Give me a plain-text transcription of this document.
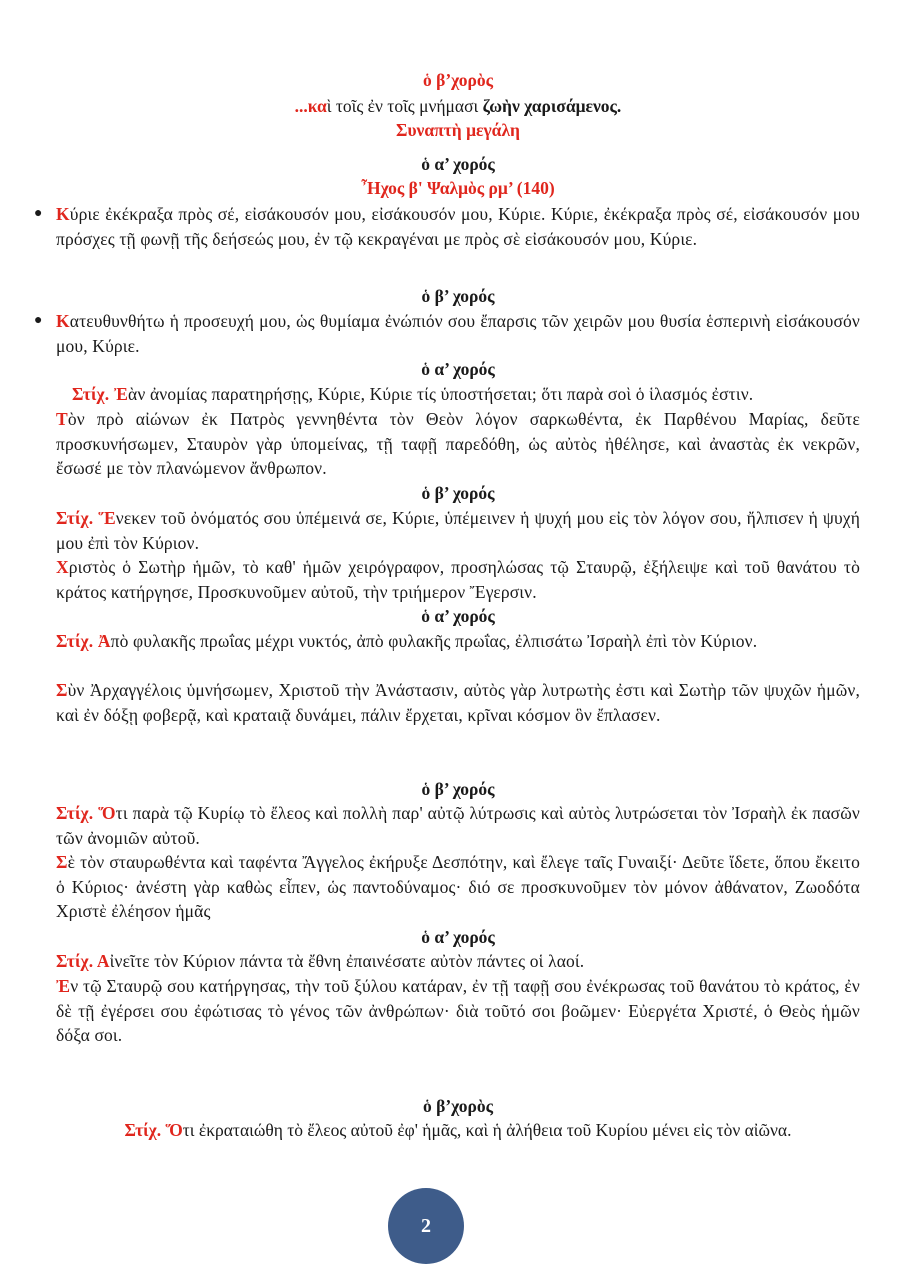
ὁ β’χορὸς
...καὶ τοῖς ἐν τοῖς μνήμασι ζωὴν χαρισάμενος.
Συναπτὴ μεγάλη
ὁ α’ χορός
Ἦχος β' Ψαλμὸς ρμ’ (140)
● Κύριε ἐκέκραξα πρὸς σέ, εἰσάκουσόν μου, εἰσάκουσόν μου, Κύριε. Κύριε, ἐκέκραξα πρὸς σέ, εἰσάκουσόν μου πρόσχες τῇ φωνῇ τῆς δεήσεώς μου, ἐν τῷ κεκραγέναι με πρὸς σὲ εἰσάκουσόν μου, Κύριε.
ὁ β’ χορός
● Κατευθυνθήτω ἡ προσευχή μου, ὡς θυμίαμα ἐνώπιόν σου ἔπαρσις τῶν χειρῶν μου θυσία ἑσπερινὴ εἰσάκουσόν μου, Κύριε.
ὁ α’ χορός
Στίχ. Ἐὰν ἀνομίας παρατηρήσῃς, Κύριε, Κύριε τίς ὑποστήσεται; ὅτι παρὰ σοὶ ὁ ἱλασμός ἐστιν.
Τὸν πρὸ αἰώνων ἐκ Πατρὸς γεννηθέντα τὸν Θεὸν λόγον σαρκωθέντα, ἐκ Παρθένου Μαρίας, δεῦτε προσκυνήσωμεν, Σταυρὸν γὰρ ὑπομείνας, τῇ ταφῇ παρεδόθη, ὡς αὐτὸς ἠθέλησε, καὶ ἀναστὰς ἐκ νεκρῶν, ἔσωσέ με τὸν πλανώμενον ἄνθρωπον.
ὁ β’ χορός
Στίχ. Ἕνεκεν τοῦ ὀνόματός σου ὑπέμεινά σε, Κύριε, ὑπέμεινεν ἡ ψυχή μου εἰς τὸν λόγον σου, ἤλπισεν ἡ ψυχή μου ἐπὶ τὸν Κύριον.
Χριστὸς ὁ Σωτὴρ ἡμῶν, τὸ καθ' ἡμῶν χειρόγραφον, προσηλώσας τῷ Σταυρῷ, ἐξήλειψε καὶ τοῦ θανάτου τὸ κράτος κατήργησε, Προσκυνοῦμεν αὐτοῦ, τὴν τριήμερον Ἔγερσιν.
ὁ α’ χορός
Στίχ. Ἀπὸ φυλακῆς πρωΐας μέχρι νυκτός, ἀπὸ φυλακῆς πρωΐας, ἐλπισάτω Ἰσραὴλ ἐπὶ τὸν Κύριον.
Σὺν Ἀρχαγγέλοις ὑμνήσωμεν, Χριστοῦ τὴν Ἀνάστασιν, αὐτὸς γὰρ λυτρωτὴς ἐστι καὶ Σωτὴρ τῶν ψυχῶν ἡμῶν, καὶ ἐν δόξῃ φοβερᾷ, καὶ κραταιᾷ δυνάμει, πάλιν ἔρχεται, κρῖναι κόσμον ὃν ἔπλασεν.
ὁ β’ χορός
Στίχ. Ὅτι παρὰ τῷ Κυρίῳ τὸ ἔλεος καὶ πολλὴ παρ' αὐτῷ λύτρωσις καὶ αὐτὸς λυτρώσεται τὸν Ἰσραὴλ ἐκ πασῶν τῶν ἀνομιῶν αὐτοῦ.
Σὲ τὸν σταυρωθέντα καὶ ταφέντα Ἄγγελος ἐκήρυξε Δεσπότην, καὶ ἔλεγε ταῖς Γυναιξί· Δεῦτε ἴδετε, ὅπου ἔκειτο ὁ Κύριος· ἀνέστη γὰρ καθὼς εἶπεν, ὡς παντοδύναμος· διό σε προσκυνοῦμεν τὸν μόνον ἀθάνατον, Ζωοδότα Χριστὲ ἐλέησον ἡμᾶς
ὁ α’ χορός
Στίχ. Αἰνεῖτε τὸν Κύριον πάντα τὰ ἔθνη ἐπαινέσατε αὐτὸν πάντες οἱ λαοί.
Ἐν τῷ Σταυρῷ σου κατήργησας, τὴν τοῦ ξύλου κατάραν, ἐν τῇ ταφῇ σου ἐνέκρωσας τοῦ θανάτου τὸ κράτος, ἐν δὲ τῇ ἐγέρσει σου ἐφώτισας τὸ γένος τῶν ἀνθρώπων· διὰ τοῦτό σοι βοῶμεν· Εὐεργέτα Χριστέ, ὁ Θεὸς ἡμῶν δόξα σοι.
ὁ β’χορὸς
Στίχ. Ὅτι ἐκραταιώθη τὸ ἔλεος αὐτοῦ ἐφ' ἡμᾶς, καὶ ἡ ἀλήθεια τοῦ Κυρίου μένει εἰς τὸν αἰῶνα.
2
